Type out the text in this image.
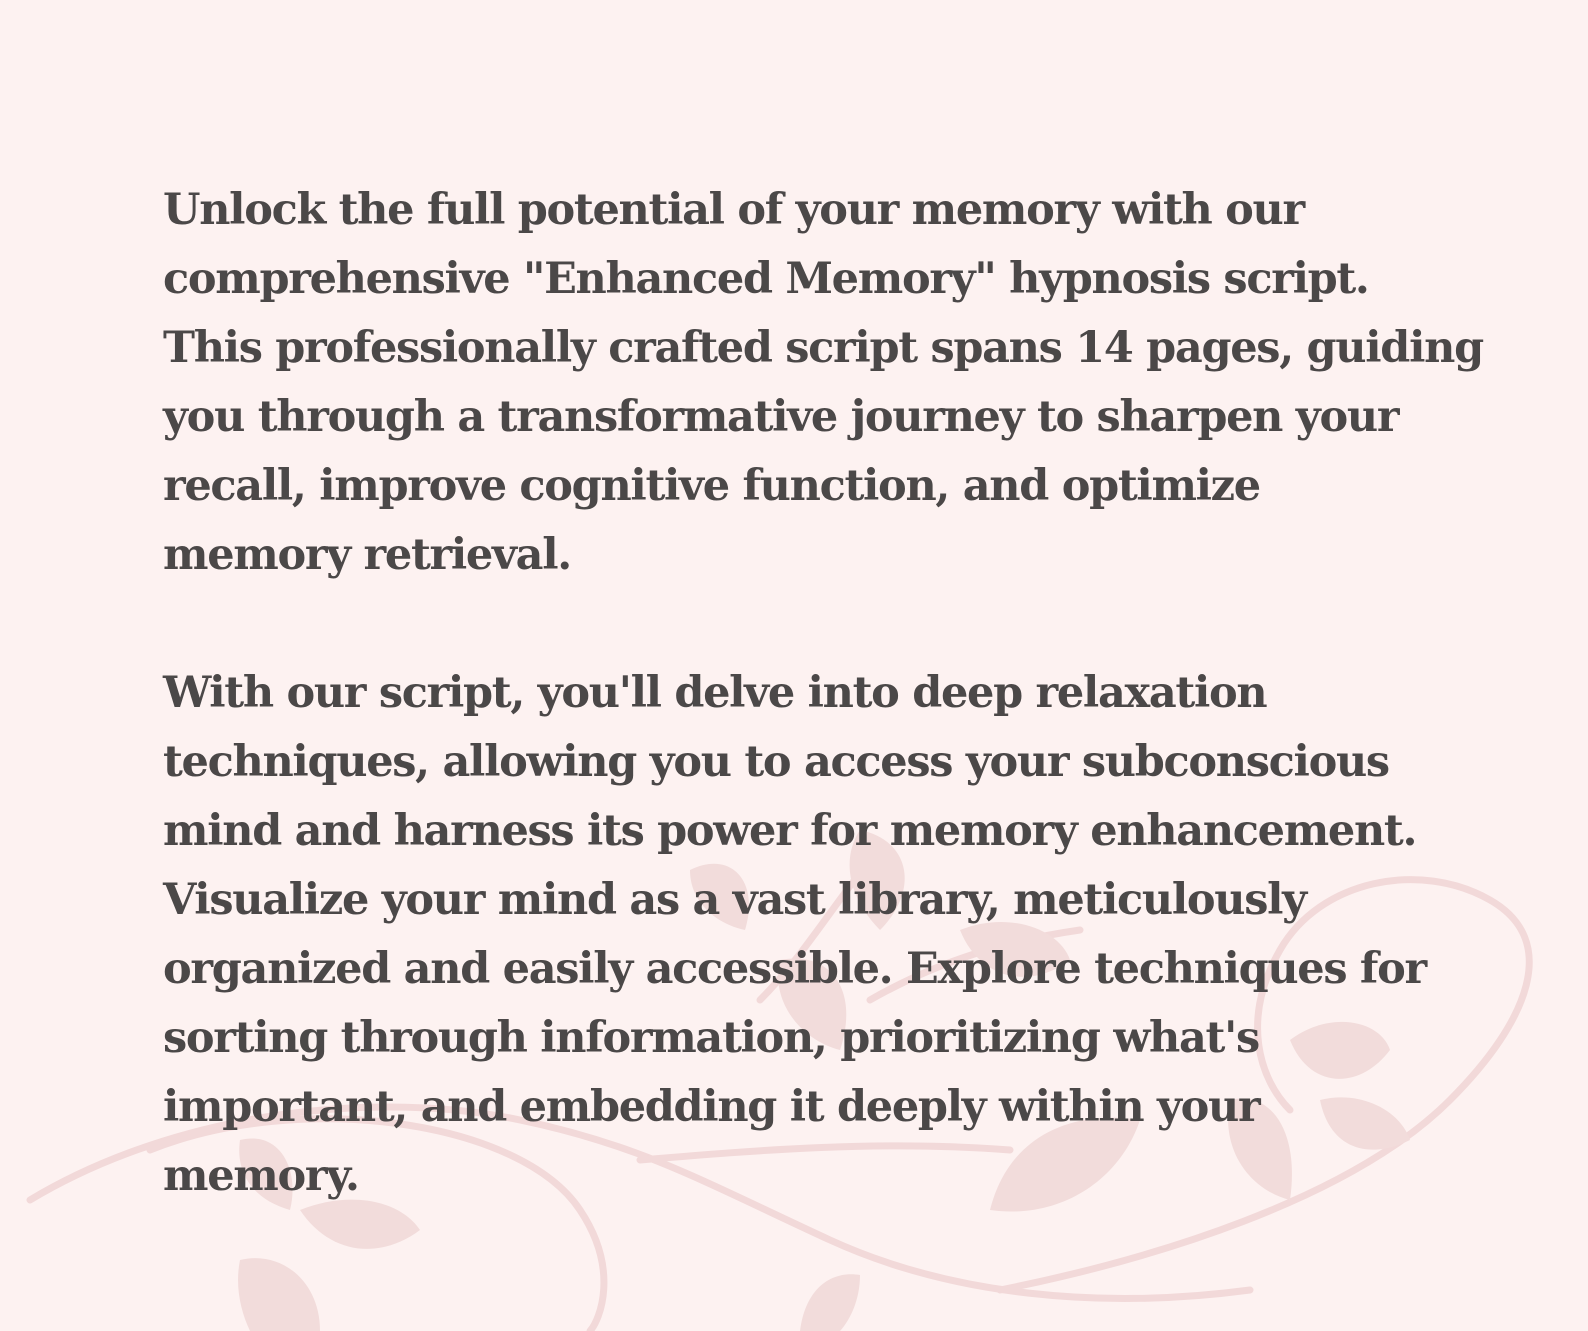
Unlock the full potential of your memory with our
comprehensive "Enhanced Memory" hypnosis script.
This professionally crafted script spans 14 pages, guiding
you through a transformative journey to sharpen your
recall, improve cognitive function, and optimize
memory retrieval.

With our script, you'll delve into deep relaxation
techniques, allowing you to access your subconscious
mind and harness its power for memory enhancement.
Visualize your mind as a vast library, meticulously
organized and easily accessible. Explore techniques for
sorting through information, prioritizing what's
important, and embedding it deeply within your
memory.
